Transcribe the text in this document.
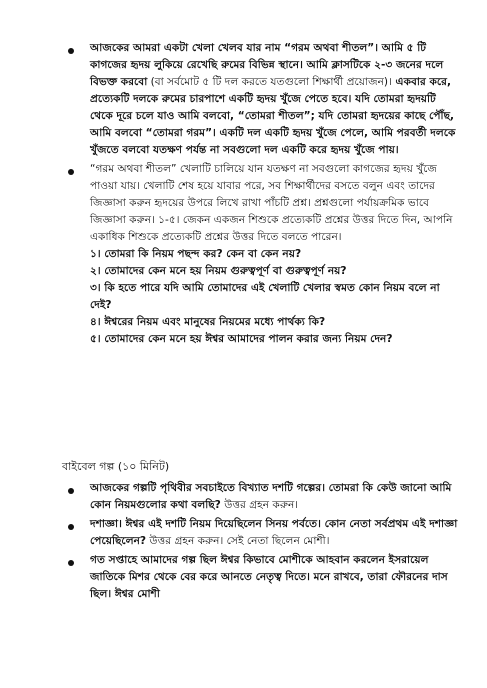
আজকের আমরা একটা খেলা খেলব যার নাম “গরম অথবা শীতল”। আমি ৫ টি কাগজের হৃদয় লুকিয়ে রেখেছি রুমের বিভিন্ন স্থানে। আমি ক্লাসটিকে ২-৩ জনের দলে বিভক্ত করবো (বা সর্বমোট ৫ টি দল করতে যতগুলো শিক্ষার্থী প্রয়োজন)। একবার করে, প্রত্যেকটি দলকে রুমের চারপাশে একটি হৃদয় খুঁজে পেতে হবে। যদি তোমরা হৃদয়টি থেকে দূরে চলে যাও আমি বলবো, “তোমরা শীতল”; যদি তোমরা হৃদয়ের কাছে পৌঁছ, আমি বলবো “তোমরা গরম”। একটি দল একটি হৃদয় খুঁজে পেলে, আমি পরবর্তী দলকে খুঁজতে বলবো যতক্ষণ পর্যন্ত না সবগুলো দল একটি করে হৃদয় খুঁজে পায়।

“গরম অথবা শীতল” খেলাটি চালিয়ে যান যতক্ষণ না সবগুলো কাগজের হৃদয় খুঁজে পাওয়া যায়। খেলাটি শেষ হয়ে যাবার পরে, সব শিক্ষার্থীদের বসতে বলুন এবং তাদের জিজ্ঞাসা করুন হৃদয়ের উপরে লিখে রাখা পাঁচটি প্রশ্ন। প্রশ্নগুলো পর্যায়ক্রমিক ভাবে জিজ্ঞাসা করুন। ১-৫। জেকন একজন শিশুকে প্রত্যেকটি প্রশ্নের উত্তর দিতে দিন, আপনি একাধিক শিশুকে প্রত্যেকটি প্রশ্নের উত্তর দিতে বলতে পারেন।

১। তোমরা কি নিয়ম পছন্দ কর? কেন বা কেন নয়?

২। তোমাদের কেন মনে হয় নিয়ম গুরুত্বপূর্ণ বা গুরুত্বপূর্ণ নয়?

৩। কি হতে পারে যদি আমি তোমাদের এই খেলাটি খেলার স্বমত কোন নিয়ম বলে না দেই?

৪। ঈশ্বরের নিয়ম এবং মানুষের নিয়মের মধ্যে পার্থক্য কি?

৫। তোমাদের কেন মনে হয় ঈশ্বর আমাদের পালন করার জন্য নিয়ম দেন?

বাইবেল গল্প (১০ মিনিট)

আজকের গল্পটি পৃথিবীর সবচাইতে বিখ্যাত দশটি গল্পের। তোমরা কি কেউ জানো আমি কোন নিয়মগুলোর কথা বলছি? উত্তর গ্রহন করুন।

দশাজ্ঞা। ঈশ্বর এই দশটি নিয়ম দিয়েছিলেন সিনয় পর্বতে। কোন নেতা সর্বপ্রথম এই দশাজ্ঞা পেয়েছিলেন? উত্তর গ্রহন করুন। সেই নেতা ছিলেন মোশী।

গত সপ্তাহে আমাদের গল্প ছিল ঈশ্বর কিভাবে মোশীকে আহবান করলেন ইসরায়েল জাতিকে মিশর থেকে বের করে আনতে নেতৃত্ব দিতে। মনে রাখবে, তারা ফৌরনের দাস ছিল। ঈশ্বর মোশী
